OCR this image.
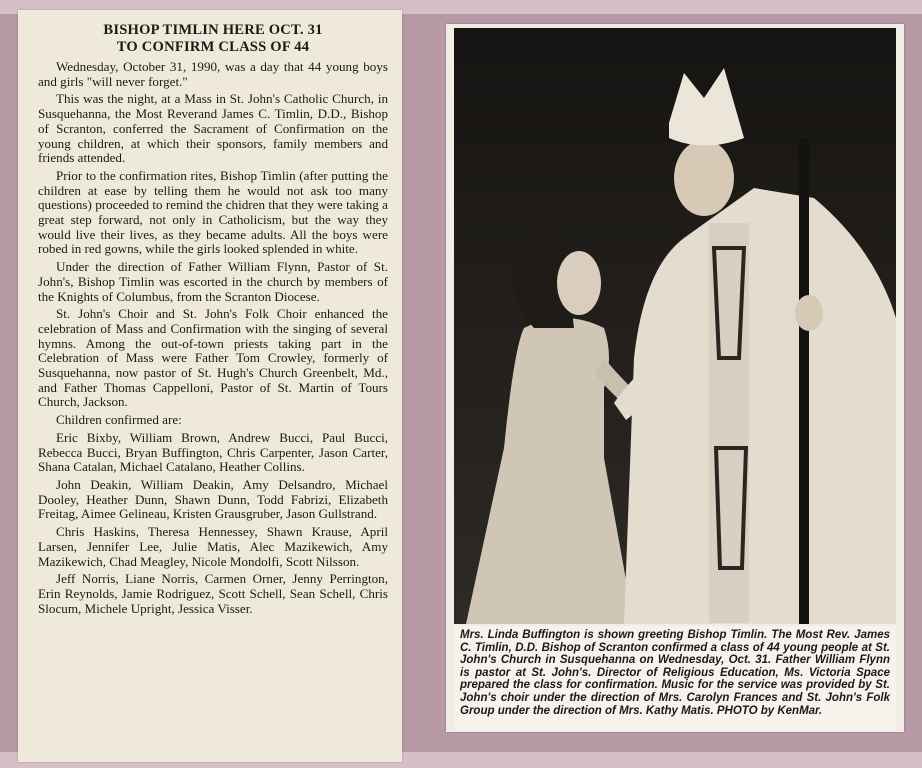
BISHOP TIMLIN HERE OCT. 31
TO CONFIRM CLASS OF 44

Wednesday, October 31, 1990, was a day that 44 young boys and girls "will never forget."

This was the night, at a Mass in St. John's Catholic Church, in Susquehanna, the Most Reverand James C. Timlin, D.D., Bishop of Scranton, conferred the Sacrament of Confirmation on the young children, at which their sponsors, family members and friends attended.

Prior to the confirmation rites, Bishop Timlin (after putting the children at ease by telling them he would not ask too many questions) proceeded to remind the chidren that they were taking a great step forward, not only in Catholicism, but the way they would live their lives, as they became adults. All the boys were robed in red gowns, while the girls looked splended in white.

Under the direction of Father William Flynn, Pastor of St. John's, Bishop Timlin was escorted in the church by members of the Knights of Columbus, from the Scranton Diocese.

St. John's Choir and St. John's Folk Choir enhanced the celebration of Mass and Confirmation with the singing of several hymns. Among the out-of-town priests taking part in the Celebration of Mass were Father Tom Crowley, formerly of Susquehanna, now pastor of St. Hugh's Church Greenbelt, Md., and Father Thomas Cappelloni, Pastor of St. Martin of Tours Church, Jackson.

Children confirmed are:

Eric Bixby, William Brown, Andrew Bucci, Paul Bucci, Rebecca Bucci, Bryan Buffington, Chris Carpenter, Jason Carter, Shana Catalan, Michael Catalano, Heather Collins.

John Deakin, William Deakin, Amy Delsandro, Michael Dooley, Heather Dunn, Shawn Dunn, Todd Fabrizi, Elizabeth Freitag, Aimee Gelineau, Kristen Grausgruber, Jason Gullstrand.

Chris Haskins, Theresa Hennessey, Shawn Krause, April Larsen, Jennifer Lee, Julie Matis, Alec Mazikewich, Amy Mazikewich, Chad Meagley, Nicole Mondolfi, Scott Nilsson.

Jeff Norris, Liane Norris, Carmen Orner, Jenny Perrington, Erin Reynolds, Jamie Rodriguez, Scott Schell, Sean Schell, Chris Slocum, Michele Upright, Jessica Visser.

Mrs. Linda Buffington is shown greeting Bishop Timlin. The Most Rev. James C. Timlin, D.D. Bishop of Scranton confirmed a class of 44 young people at St. John's Church in Susquehanna on Wednesday, Oct. 31. Father William Flynn is pastor at St. John's. Director of Religious Education, Ms. Victoria Space prepared the class for confirmation. Music for the service was provided by St. John's choir under the direction of Mrs. Carolyn Frances and St. John's Folk Group under the direction of Mrs. Kathy Matis. PHOTO by KenMar.
